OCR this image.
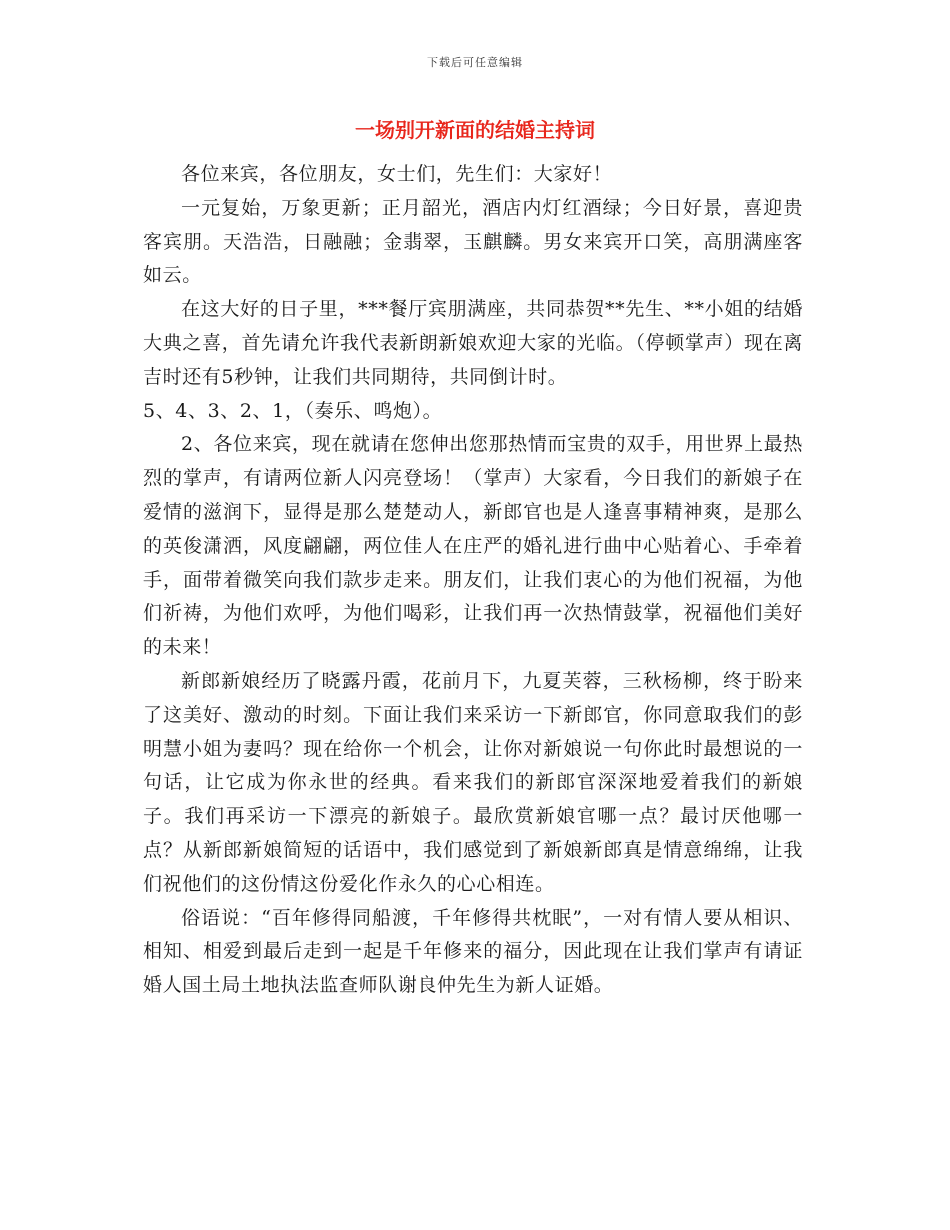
下载后可任意编辑
一场别开新面的结婚主持词

各位来宾，各位朋友，女士们，先生们：大家好！

一元复始，万象更新；正月韶光，酒店内灯红酒绿；今日好景，喜迎贵客宾朋。天浩浩，日融融；金翡翠，玉麒麟。男女来宾开口笑，高朋满座客如云。

在这大好的日子里，***餐厅宾朋满座，共同恭贺**先生、**小姐的结婚大典之喜，首先请允许我代表新朗新娘欢迎大家的光临。（停顿掌声）现在离吉时还有5秒钟，让我们共同期待，共同倒计时。

5、4、3、2、1，（奏乐、鸣炮）。

2、各位来宾，现在就请在您伸出您那热情而宝贵的双手，用世界上最热烈的掌声，有请两位新人闪亮登场！（掌声）大家看，今日我们的新娘子在爱情的滋润下，显得是那么楚楚动人，新郎官也是人逢喜事精神爽，是那么的英俊潇洒，风度翩翩，两位佳人在庄严的婚礼进行曲中心贴着心、手牵着手，面带着微笑向我们款步走来。朋友们，让我们衷心的为他们祝福，为他们祈祷，为他们欢呼，为他们喝彩，让我们再一次热情鼓掌，祝福他们美好的未来！

新郎新娘经历了晓露丹霞，花前月下，九夏芙蓉，三秋杨柳，终于盼来了这美好、激动的时刻。下面让我们来采访一下新郎官，你同意取我们的彭明慧小姐为妻吗？现在给你一个机会，让你对新娘说一句你此时最想说的一句话，让它成为你永世的经典。看来我们的新郎官深深地爱着我们的新娘子。我们再采访一下漂亮的新娘子。最欣赏新娘官哪一点？最讨厌他哪一点？从新郎新娘简短的话语中，我们感觉到了新娘新郎真是情意绵绵，让我们祝他们的这份情这份爱化作永久的心心相连。

俗语说：“百年修得同船渡，千年修得共枕眠”，一对有情人要从相识、相知、相爱到最后走到一起是千年修来的福分，因此现在让我们掌声有请证婚人国土局土地执法监查师队谢良仲先生为新人证婚。
